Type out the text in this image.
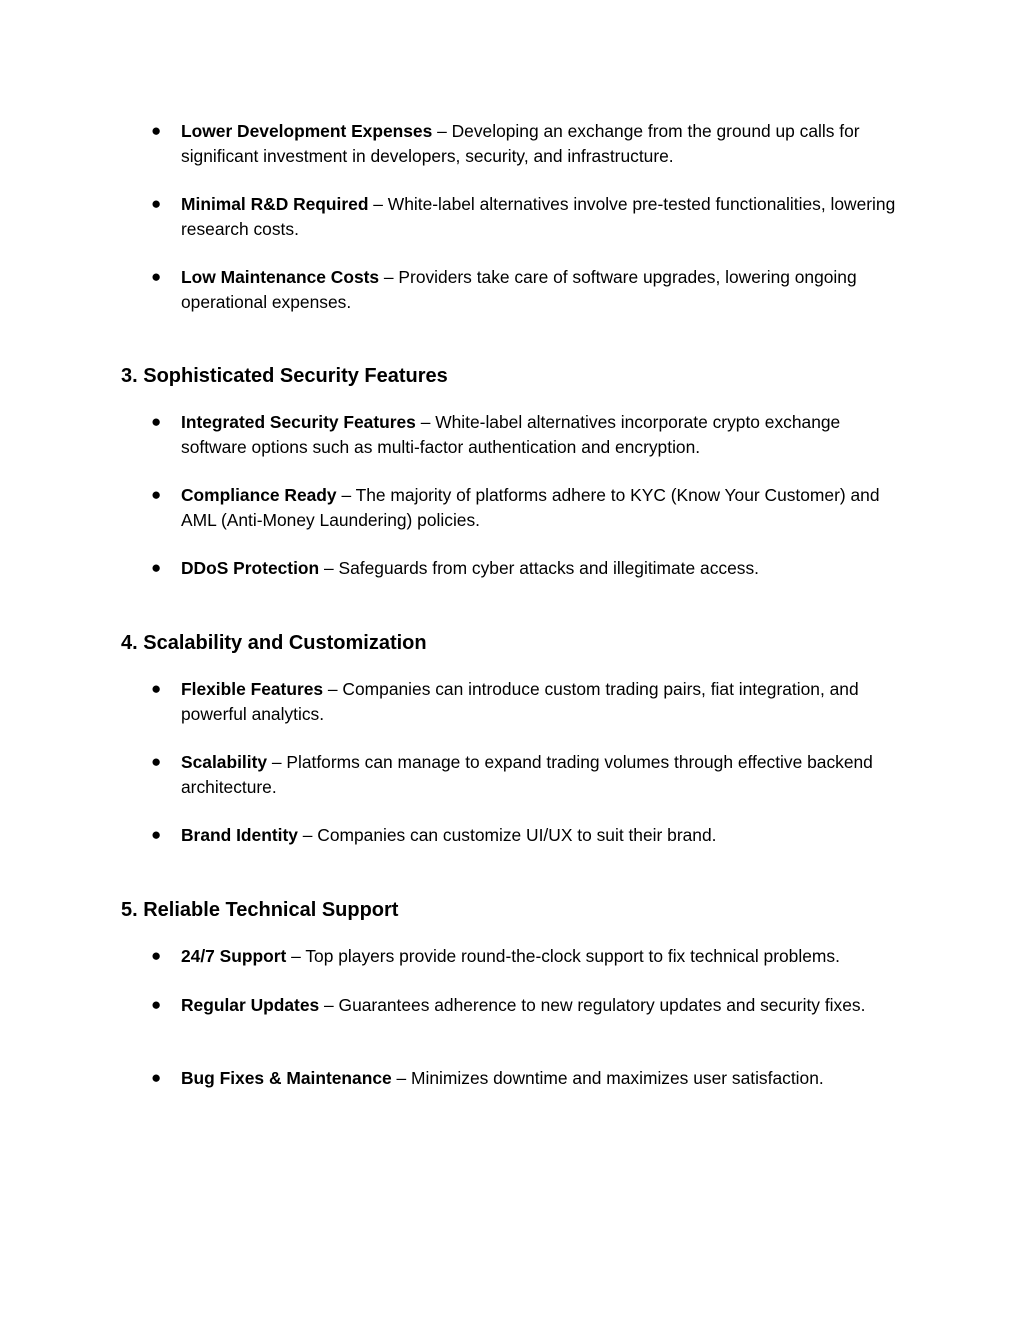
● Lower Development Expenses – Developing an exchange from the ground up calls for significant investment in developers, security, and infrastructure.
● Minimal R&D Required – White-label alternatives involve pre-tested functionalities, lowering research costs.
● Low Maintenance Costs – Providers take care of software upgrades, lowering ongoing operational expenses.
3. Sophisticated Security Features
● Integrated Security Features – White-label alternatives incorporate crypto exchange software options such as multi-factor authentication and encryption.
● Compliance Ready – The majority of platforms adhere to KYC (Know Your Customer) and AML (Anti-Money Laundering) policies.
● DDoS Protection – Safeguards from cyber attacks and illegitimate access.
4. Scalability and Customization
● Flexible Features – Companies can introduce custom trading pairs, fiat integration, and powerful analytics.
● Scalability – Platforms can manage to expand trading volumes through effective backend architecture.
● Brand Identity – Companies can customize UI/UX to suit their brand.
5. Reliable Technical Support
● 24/7 Support – Top players provide round-the-clock support to fix technical problems.
● Regular Updates – Guarantees adherence to new regulatory updates and security fixes.
● Bug Fixes & Maintenance – Minimizes downtime and maximizes user satisfaction.
